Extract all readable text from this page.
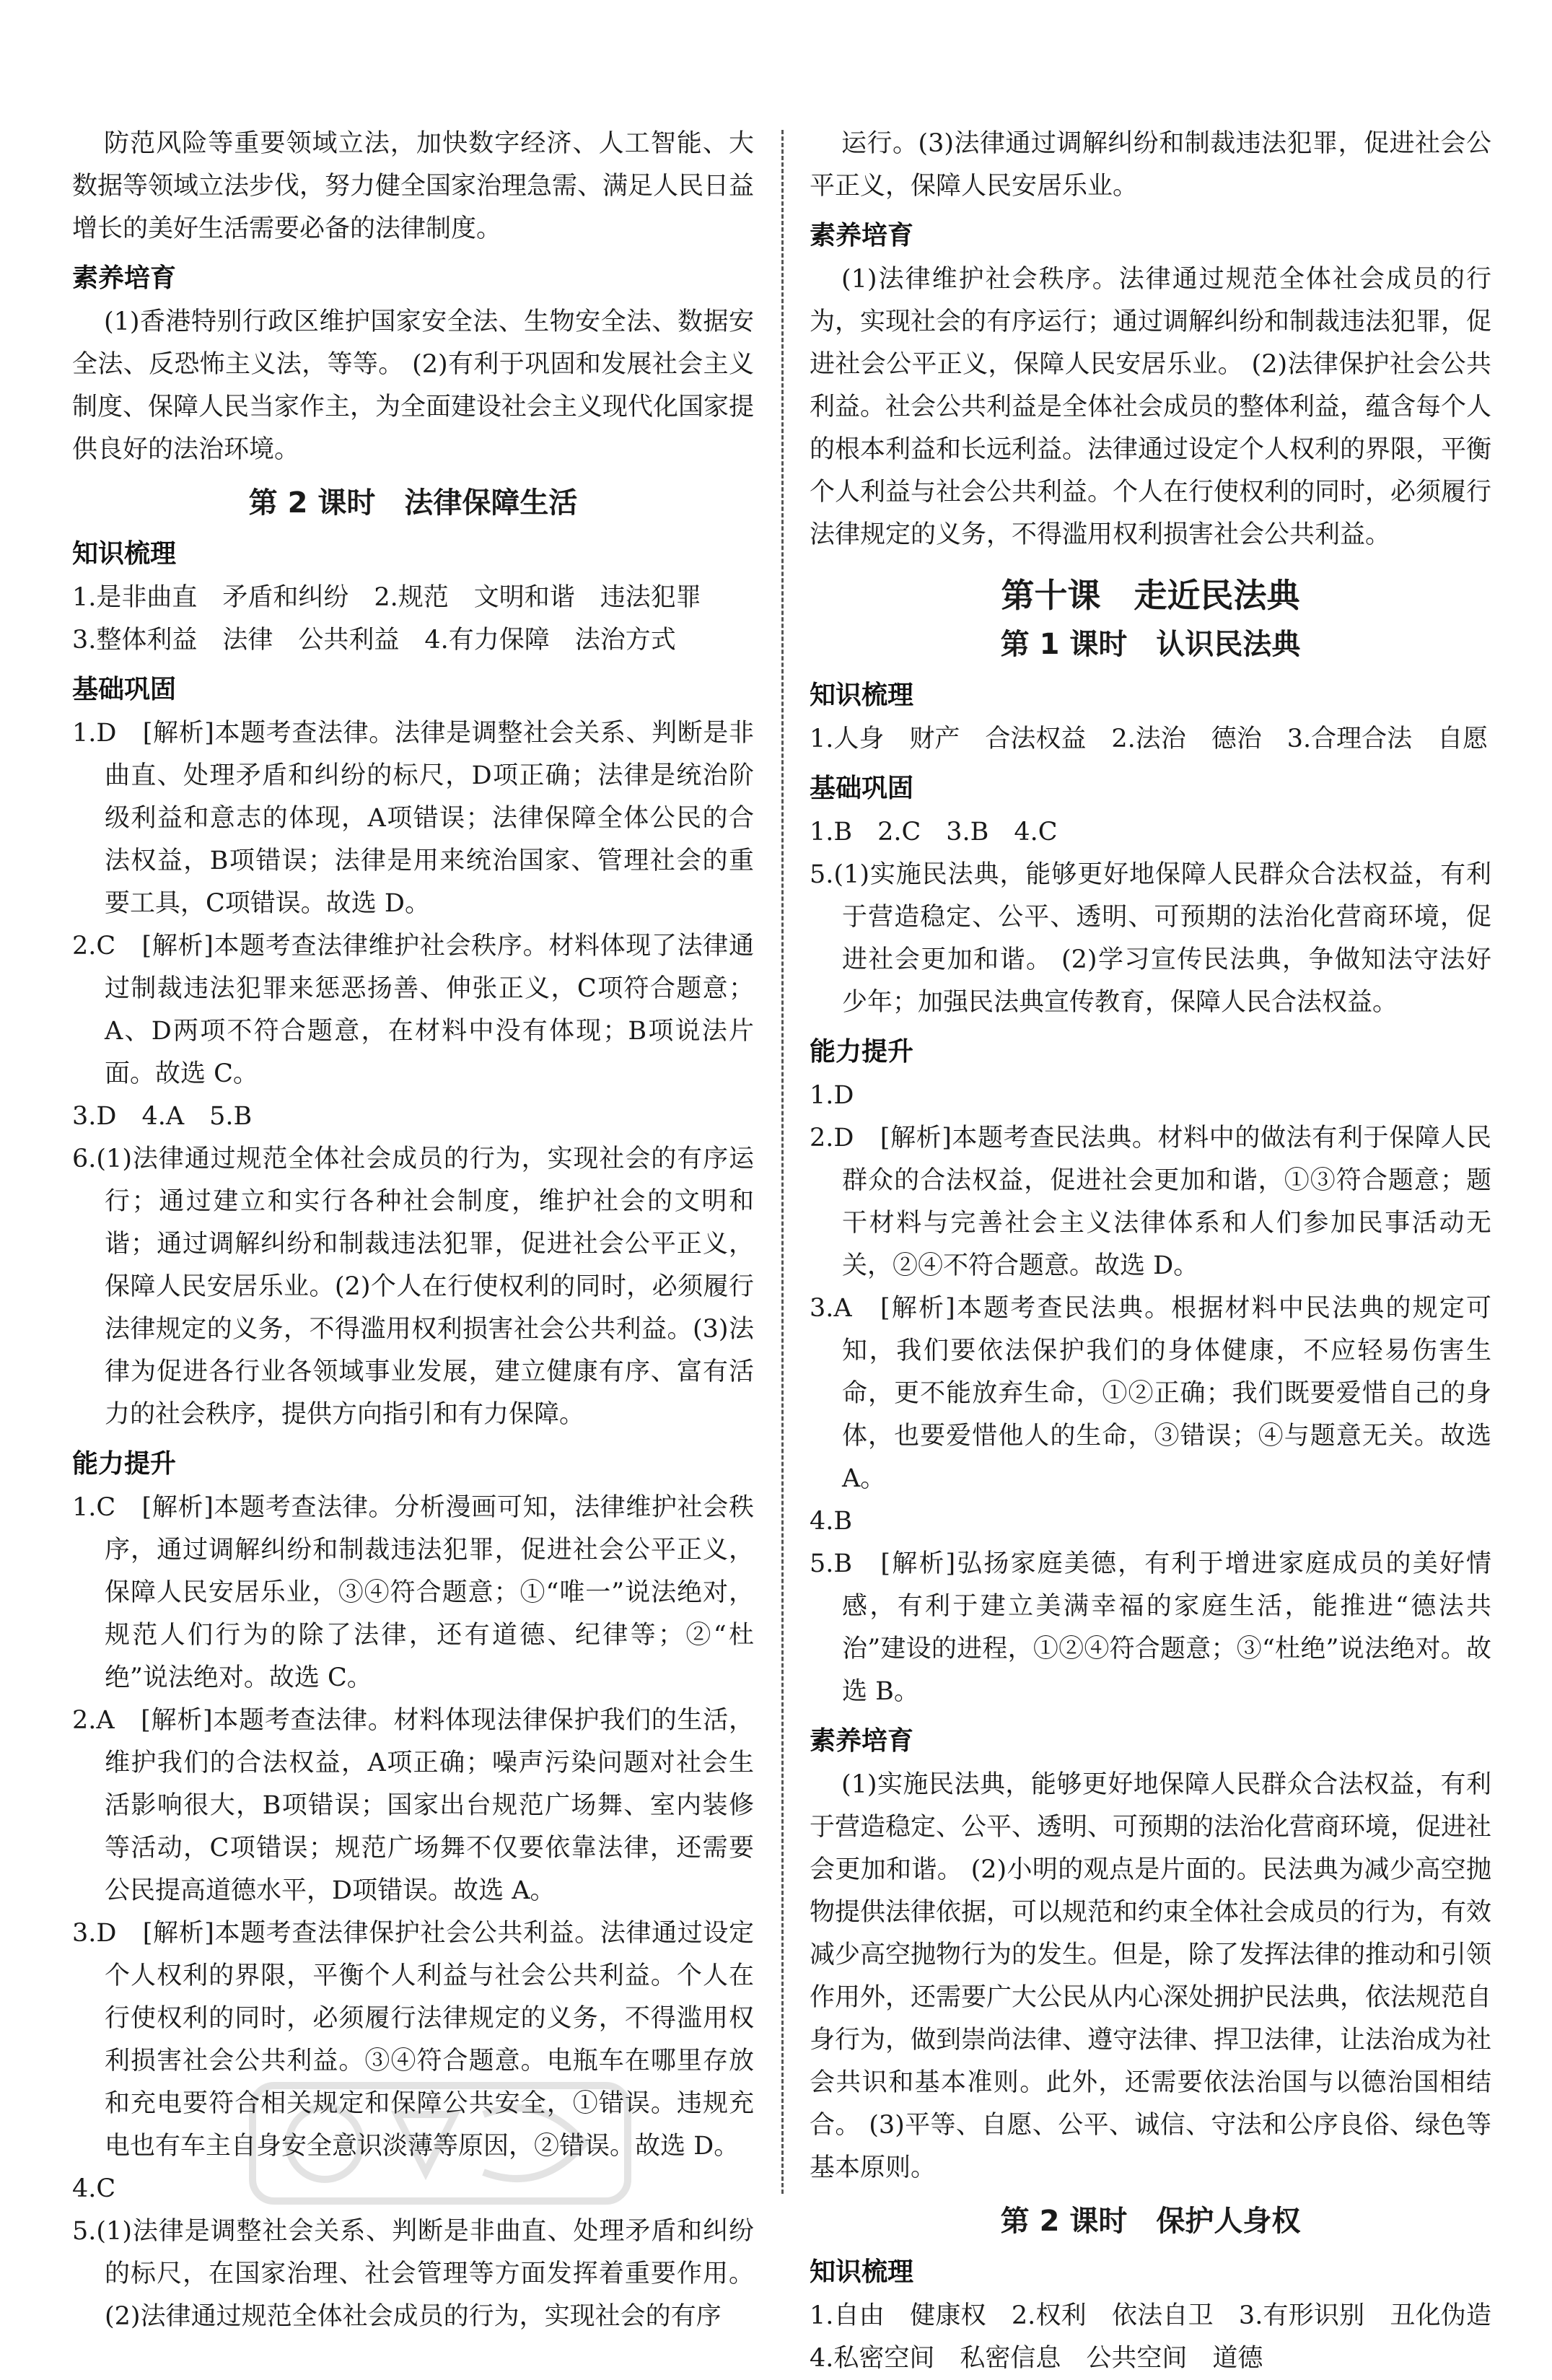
防范风险等重要领域立法，加快数字经济、人工智能、大数据等领域立法步伐，努力健全国家治理急需、满足人民日益增长的美好生活需要必备的法律制度。

素养培育

(1)香港特别行政区维护国家安全法、生物安全法、数据安全法、反恐怖主义法，等等。 (2)有利于巩固和发展社会主义制度、保障人民当家作主，为全面建设社会主义现代化国家提供良好的法治环境。

第 2 课时　法律保障生活
知识梳理

1.是非曲直　矛盾和纠纷　2.规范　文明和谐　违法犯罪

3.整体利益　法律　公共利益　4.有力保障　法治方式

基础巩固

1.D　[解析]本题考查法律。法律是调整社会关系、判断是非曲直、处理矛盾和纠纷的标尺，D项正确；法律是统治阶级利益和意志的体现，A项错误；法律保障全体公民的合法权益，B项错误；法律是用来统治国家、管理社会的重要工具，C项错误。故选 D。

2.C　[解析]本题考查法律维护社会秩序。材料体现了法律通过制裁违法犯罪来惩恶扬善、伸张正义，C项符合题意；A、D两项不符合题意，在材料中没有体现；B项说法片面。故选 C。

3.D　4.A　5.B

6.(1)法律通过规范全体社会成员的行为，实现社会的有序运行；通过建立和实行各种社会制度，维护社会的文明和谐；通过调解纠纷和制裁违法犯罪，促进社会公平正义，保障人民安居乐业。(2)个人在行使权利的同时，必须履行法律规定的义务，不得滥用权利损害社会公共利益。(3)法律为促进各行业各领域事业发展，建立健康有序、富有活力的社会秩序，提供方向指引和有力保障。

能力提升

1.C　[解析]本题考查法律。分析漫画可知，法律维护社会秩序，通过调解纠纷和制裁违法犯罪，促进社会公平正义，保障人民安居乐业，③④符合题意；①“唯一”说法绝对，规范人们行为的除了法律，还有道德、纪律等；②“杜绝”说法绝对。故选 C。

2.A　[解析]本题考查法律。材料体现法律保护我们的生活，维护我们的合法权益，A项正确；噪声污染问题对社会生活影响很大，B项错误；国家出台规范广场舞、室内装修等活动，C项错误；规范广场舞不仅要依靠法律，还需要公民提高道德水平，D项错误。故选 A。

3.D　[解析]本题考查法律保护社会公共利益。法律通过设定个人权利的界限，平衡个人利益与社会公共利益。个人在行使权利的同时，必须履行法律规定的义务，不得滥用权利损害社会公共利益。③④符合题意。电瓶车在哪里存放和充电要符合相关规定和保障公共安全，①错误。违规充电也有车主自身安全意识淡薄等原因，②错误。故选 D。

4.C

5.(1)法律是调整社会关系、判断是非曲直、处理矛盾和纠纷的标尺，在国家治理、社会管理等方面发挥着重要作用。(2)法律通过规范全体社会成员的行为，实现社会的有序

运行。(3)法律通过调解纠纷和制裁违法犯罪，促进社会公平正义，保障人民安居乐业。

素养培育

(1)法律维护社会秩序。法律通过规范全体社会成员的行为，实现社会的有序运行；通过调解纠纷和制裁违法犯罪，促进社会公平正义，保障人民安居乐业。 (2)法律保护社会公共利益。社会公共利益是全体社会成员的整体利益，蕴含每个人的根本利益和长远利益。法律通过设定个人权利的界限，平衡个人利益与社会公共利益。个人在行使权利的同时，必须履行法律规定的义务，不得滥用权利损害社会公共利益。

第十课　走近民法典
第 1 课时　认识民法典
知识梳理

1.人身　财产　合法权益　2.法治　德治　3.合理合法　自愿

基础巩固

1.B　2.C　3.B　4.C

5.(1)实施民法典，能够更好地保障人民群众合法权益，有利于营造稳定、公平、透明、可预期的法治化营商环境，促进社会更加和谐。 (2)学习宣传民法典，争做知法守法好少年；加强民法典宣传教育，保障人民合法权益。

能力提升

1.D

2.D　[解析]本题考查民法典。材料中的做法有利于保障人民群众的合法权益，促进社会更加和谐，①③符合题意；题干材料与完善社会主义法律体系和人们参加民事活动无关，②④不符合题意。故选 D。

3.A　[解析]本题考查民法典。根据材料中民法典的规定可知，我们要依法保护我们的身体健康，不应轻易伤害生命，更不能放弃生命，①②正确；我们既要爱惜自己的身体，也要爱惜他人的生命，③错误；④与题意无关。故选 A。

4.B

5.B　[解析]弘扬家庭美德，有利于增进家庭成员的美好情感，有利于建立美满幸福的家庭生活，能推进“德法共治”建设的进程，①②④符合题意；③“杜绝”说法绝对。故选 B。

素养培育

(1)实施民法典，能够更好地保障人民群众合法权益，有利于营造稳定、公平、透明、可预期的法治化营商环境，促进社会更加和谐。 (2)小明的观点是片面的。民法典为减少高空抛物提供法律依据，可以规范和约束全体社会成员的行为，有效减少高空抛物行为的发生。但是，除了发挥法律的推动和引领作用外，还需要广大公民从内心深处拥护民法典，依法规范自身行为，做到崇尚法律、遵守法律、捍卫法律，让法治成为社会共识和基本准则。此外，还需要依法治国与以德治国相结合。 (3)平等、自愿、公平、诚信、守法和公序良俗、绿色等基本原则。

第 2 课时　保护人身权
知识梳理

1.自由　健康权　2.权利　依法自卫　3.有形识别　丑化伪造　4.私密空间　私密信息　公共空间　道德
